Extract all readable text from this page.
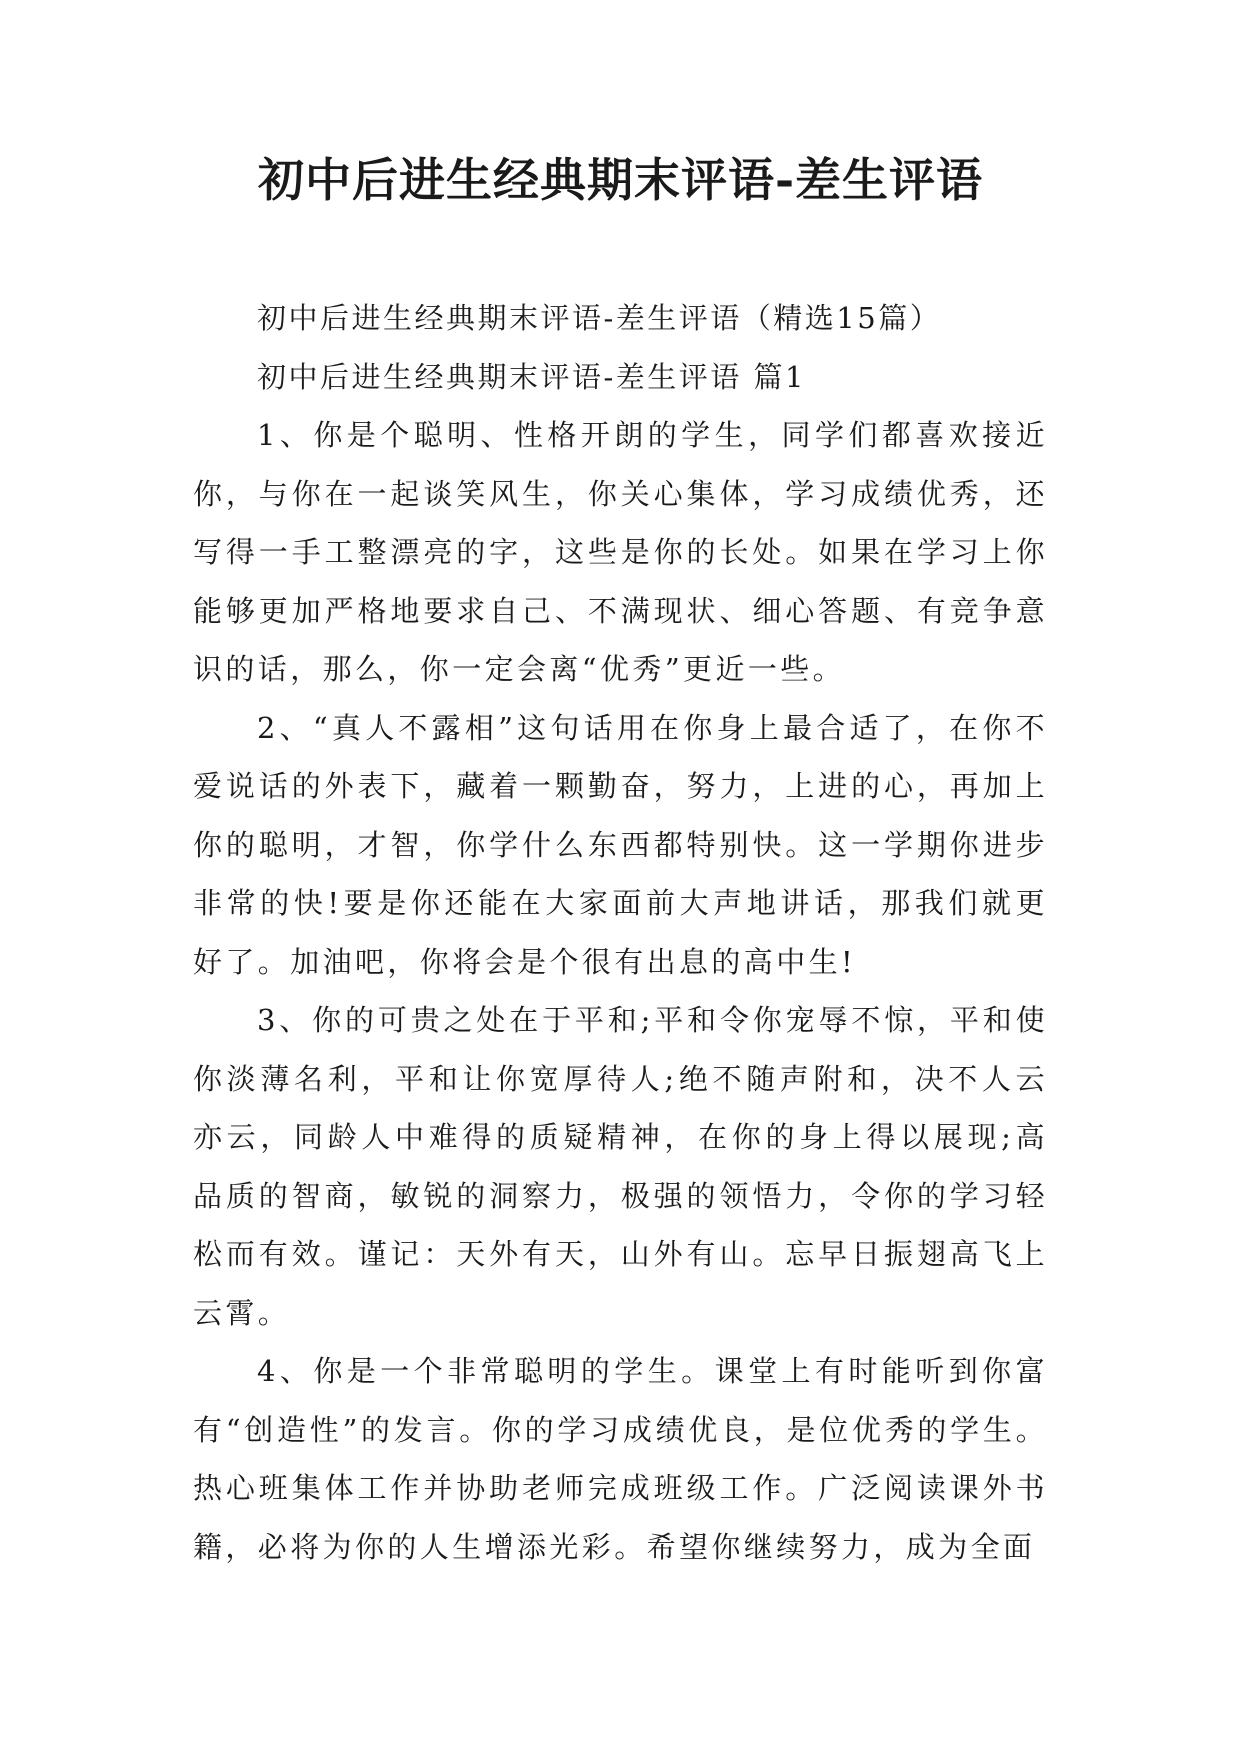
初中后进生经典期末评语-差生评语

初中后进生经典期末评语-差生评语（精选15篇）

初中后进生经典期末评语-差生评语 篇1

1、你是个聪明、性格开朗的学生，同学们都喜欢接近你，与你在一起谈笑风生，你关心集体，学习成绩优秀，还写得一手工整漂亮的字，这些是你的长处。如果在学习上你能够更加严格地要求自己、不满现状、细心答题、有竞争意识的话，那么，你一定会离“优秀”更近一些。

2、“真人不露相”这句话用在你身上最合适了，在你不爱说话的外表下，藏着一颗勤奋，努力，上进的心，再加上你的聪明，才智，你学什么东西都特别快。这一学期你进步非常的快!要是你还能在大家面前大声地讲话，那我们就更好了。加油吧，你将会是个很有出息的高中生!

3、你的可贵之处在于平和;平和令你宠辱不惊，平和使你淡薄名利，平和让你宽厚待人;绝不随声附和，决不人云亦云，同龄人中难得的质疑精神，在你的身上得以展现;高品质的智商，敏锐的洞察力，极强的领悟力，令你的学习轻松而有效。谨记：天外有天，山外有山。忘早日振翅高飞上云霄。

4、你是一个非常聪明的学生。课堂上有时能听到你富有“创造性”的发言。你的学习成绩优良，是位优秀的学生。热心班集体工作并协助老师完成班级工作。广泛阅读课外书籍，必将为你的人生增添光彩。希望你继续努力，成为全面
